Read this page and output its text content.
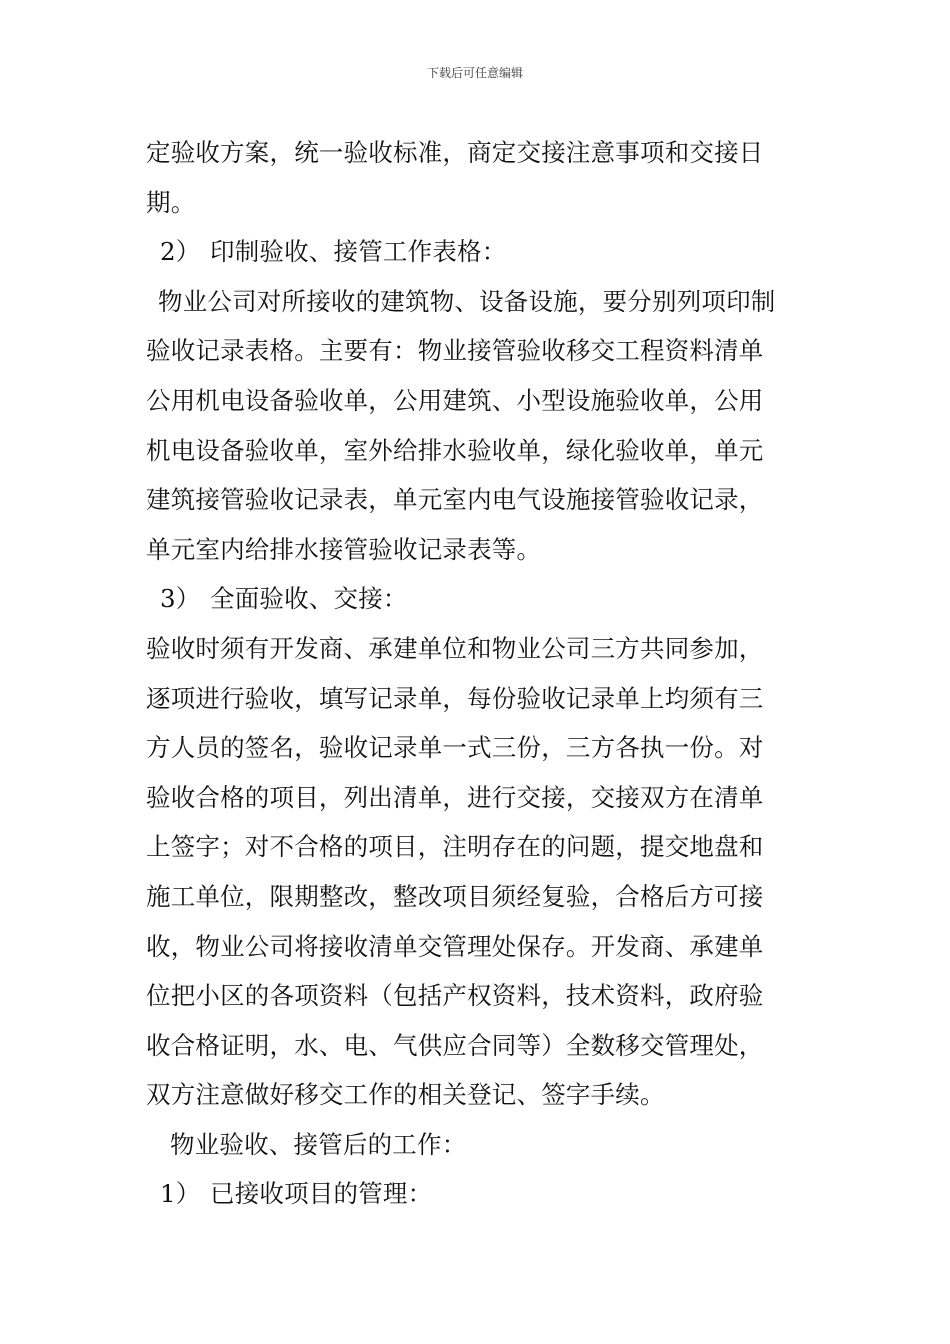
下载后可任意编辑
定验收方案，统一验收标准，商定交接注意事项和交接日
期。
2） 印制验收、接管工作表格：
物业公司对所接收的建筑物、设备设施，要分别列项印制
验收记录表格。主要有：物业接管验收移交工程资料清单
公用机电设备验收单，公用建筑、小型设施验收单，公用
机电设备验收单，室外给排水验收单，绿化验收单，单元
建筑接管验收记录表，单元室内电气设施接管验收记录，
单元室内给排水接管验收记录表等。
3） 全面验收、交接：
验收时须有开发商、承建单位和物业公司三方共同参加，
逐项进行验收，填写记录单，每份验收记录单上均须有三
方人员的签名，验收记录单一式三份，三方各执一份。对
验收合格的项目，列出清单，进行交接，交接双方在清单
上签字；对不合格的项目，注明存在的问题，提交地盘和
施工单位，限期整改，整改项目须经复验，合格后方可接
收，物业公司将接收清单交管理处保存。开发商、承建单
位把小区的各项资料（包括产权资料，技术资料，政府验
收合格证明，水、电、气供应合同等）全数移交管理处，
双方注意做好移交工作的相关登记、签字手续。
物业验收、接管后的工作：
1） 已接收项目的管理：
